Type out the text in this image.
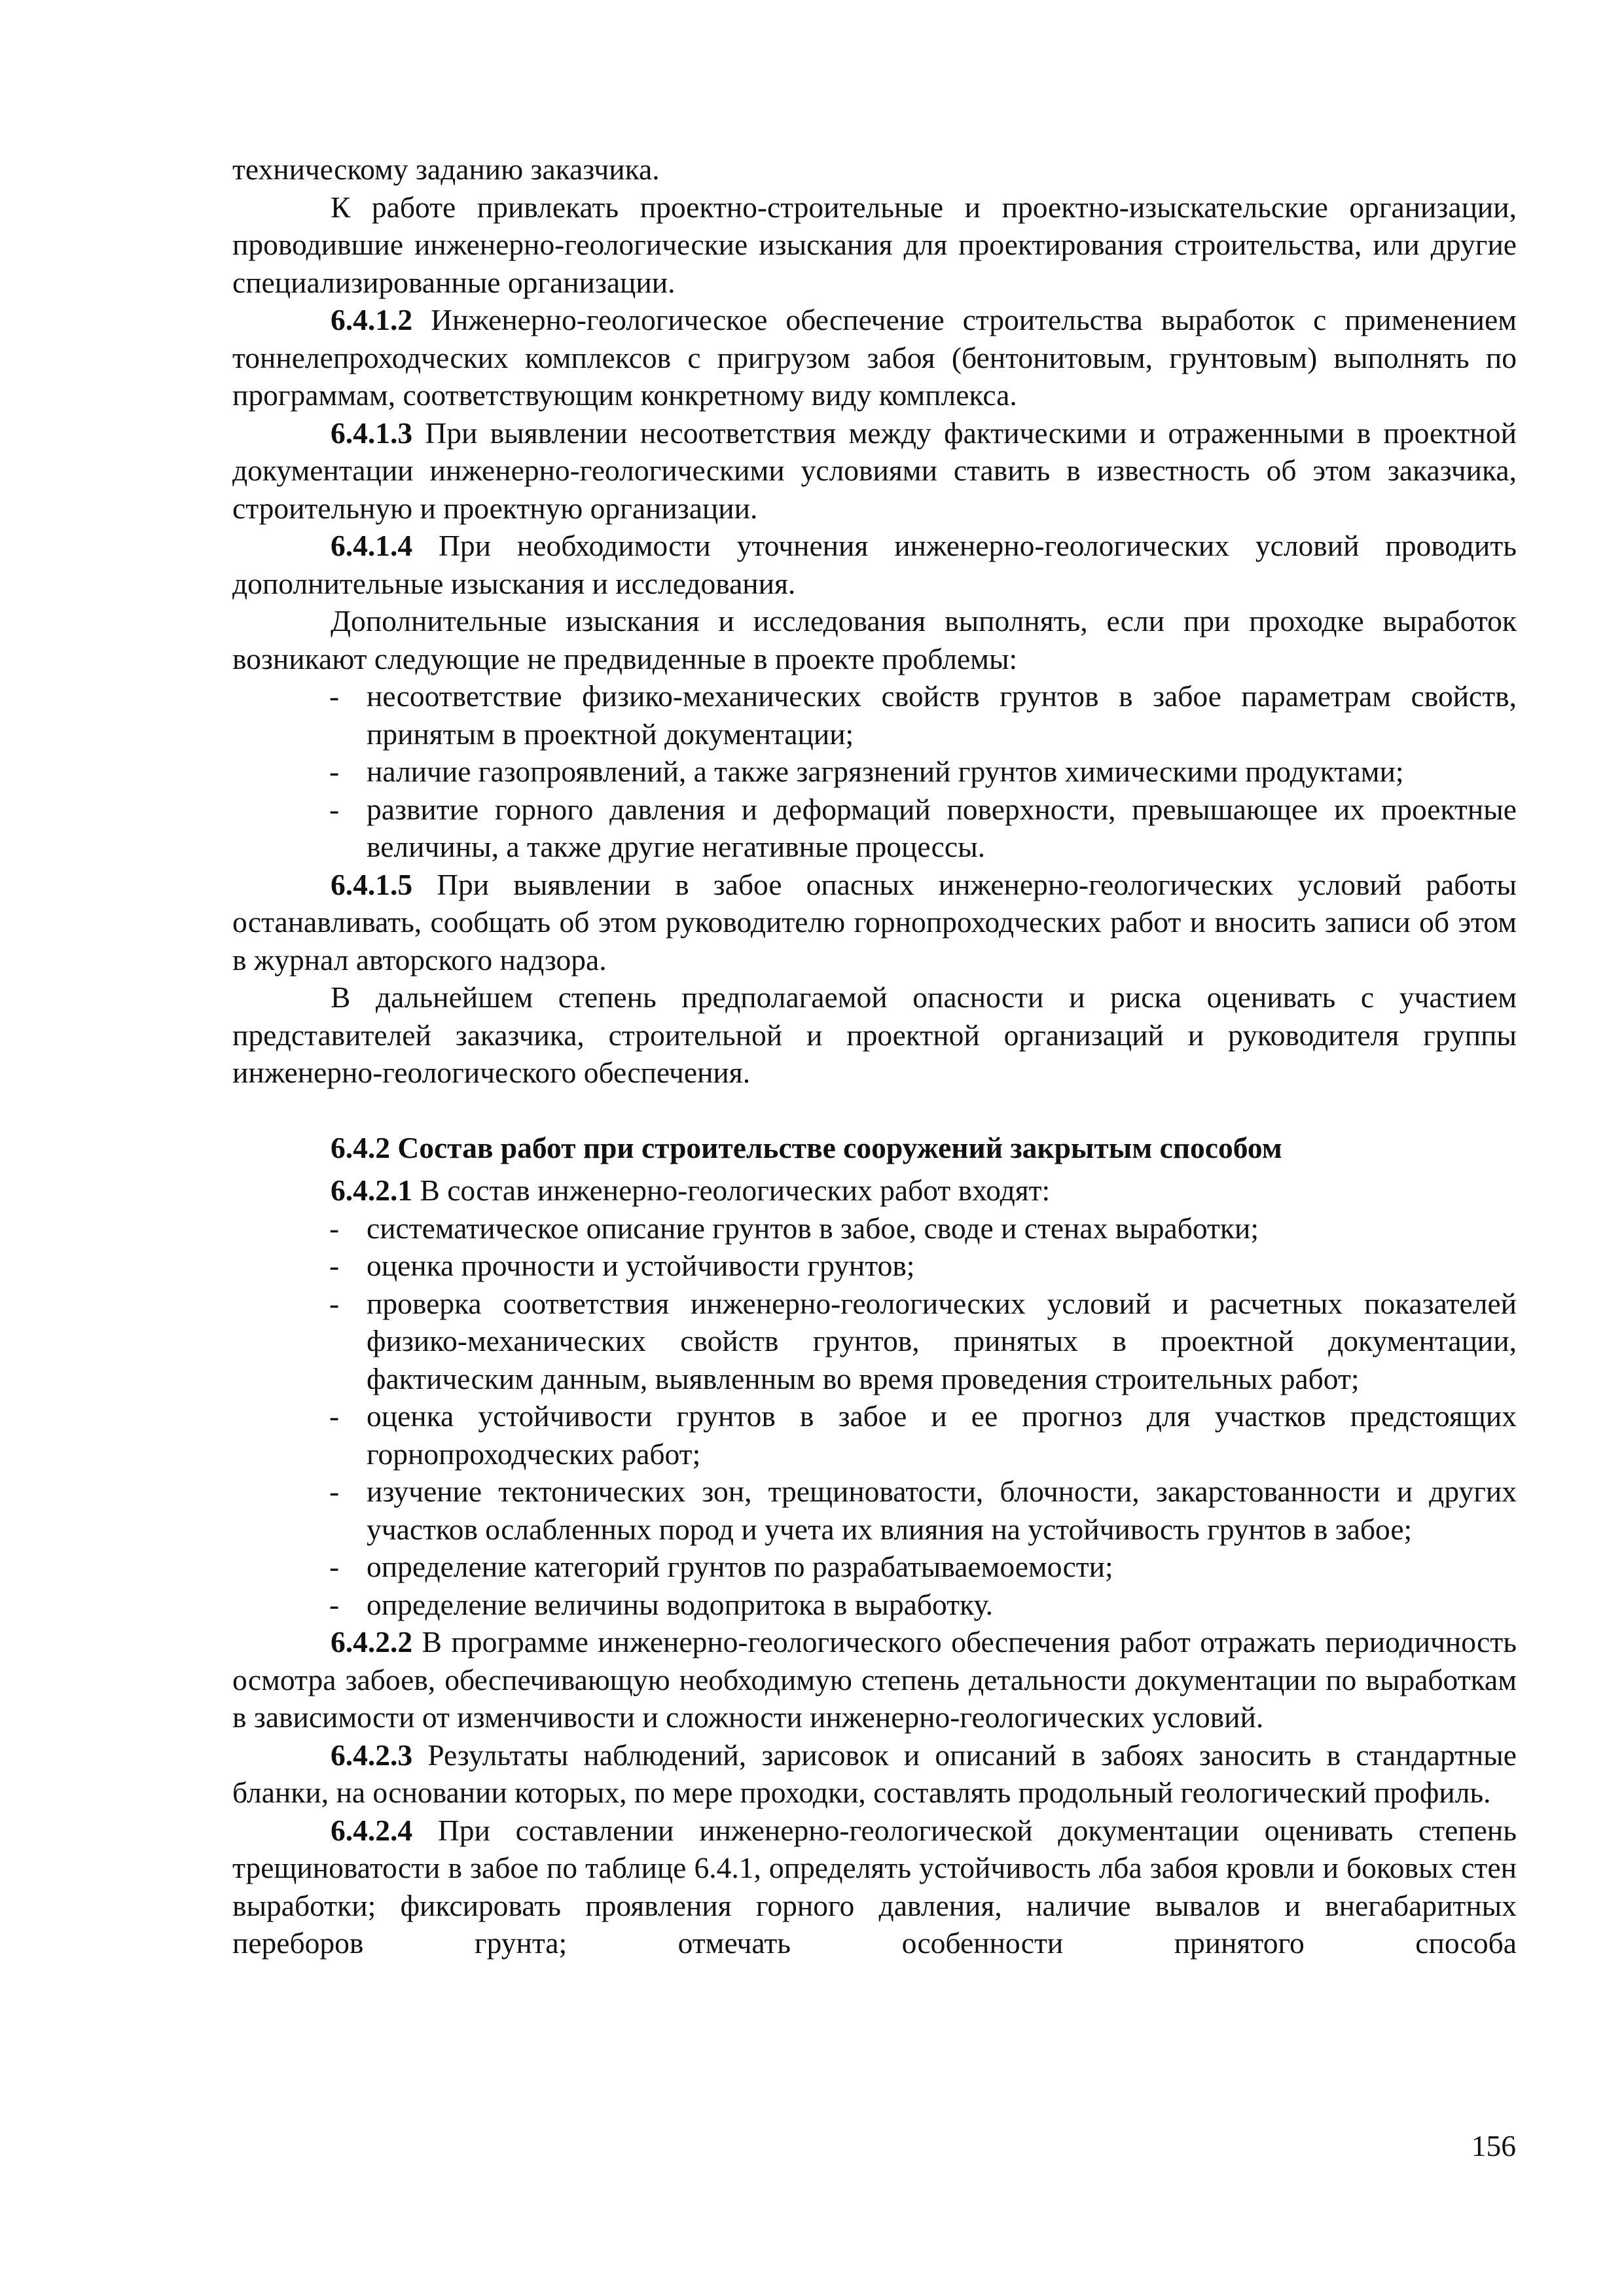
техническому заданию заказчика.

К работе привлекать проектно-строительные и проектно-изыскательские организации, проводившие инженерно-геологические изыскания для проектирования строительства, или другие специализированные организации.

6.4.1.2 Инженерно-геологическое обеспечение строительства выработок с применением тоннелепроходческих комплексов с пригрузом забоя (бентонитовым, грунтовым) выполнять по программам, соответствующим конкретному виду комплекса.

6.4.1.3 При выявлении несоответствия между фактическими и отраженными в проектной документации инженерно-геологическими условиями ставить в известность об этом заказчика, строительную и проектную организации.

6.4.1.4 При необходимости уточнения инженерно-геологических условий проводить дополнительные изыскания и исследования.

Дополнительные изыскания и исследования выполнять, если при проходке выработок возникают следующие не предвиденные в проекте проблемы:

- несоответствие физико-механических свойств грунтов в забое параметрам свойств, принятым в проектной документации;

- наличие газопроявлений, а также загрязнений грунтов химическими продуктами;

- развитие горного давления и деформаций поверхности, превышающее их проектные величины, а также другие негативные процессы.

6.4.1.5 При выявлении в забое опасных инженерно-геологических условий работы останавливать, сообщать об этом руководителю горнопроходческих работ и вносить записи об этом в журнал авторского надзора.

В дальнейшем степень предполагаемой опасности и риска оценивать с участием представителей заказчика, строительной и проектной организаций и руководителя группы инженерно-геологического обеспечения.

6.4.2 Состав работ при строительстве сооружений закрытым способом

6.4.2.1 В состав инженерно-геологических работ входят:

- систематическое описание грунтов в забое, своде и стенах выработки;

- оценка прочности и устойчивости грунтов;

- проверка соответствия инженерно-геологических условий и расчетных показателей физико-механических свойств грунтов, принятых в проектной документации, фактическим данным, выявленным во время проведения строительных работ;

- оценка устойчивости грунтов в забое и ее прогноз для участков предстоящих горнопроходческих работ;

- изучение тектонических зон, трещиноватости, блочности, закарстованности и других участков ослабленных пород и учета их влияния на устойчивость грунтов в забое;

- определение категорий грунтов по разрабатываемоемости;

- определение величины водопритока в выработку.

6.4.2.2 В программе инженерно-геологического обеспечения работ отражать периодичность осмотра забоев, обеспечивающую необходимую степень детальности документации по выработкам в зависимости от изменчивости и сложности инженерно-геологических условий.

6.4.2.3 Результаты наблюдений, зарисовок и описаний в забоях заносить в стандартные бланки, на основании которых, по мере проходки, составлять продольный геологический профиль.

6.4.2.4 При составлении инженерно-геологической документации оценивать степень трещиноватости в забое по таблице 6.4.1, определять устойчивость лба забоя кровли и боковых стен выработки; фиксировать проявления горного давления, наличие вывалов и внегабаритных переборов грунта; отмечать особенности принятого способа

156
